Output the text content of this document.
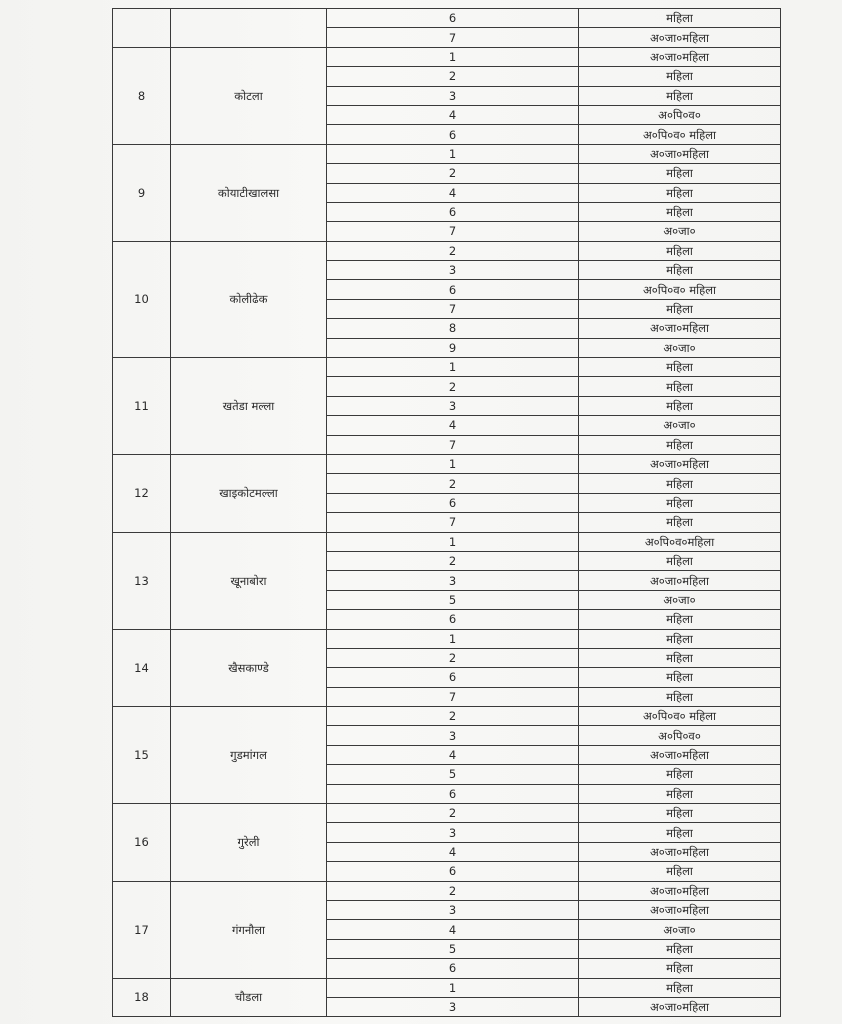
		6	महिला
		7	अ०जा०महिला
8	कोटला	1	अ०जा०महिला
		2	महिला
		3	महिला
		4	अ०पि०व०
		6	अ०पि०व० महिला
9	कोयाटीखालसा	1	अ०जा०महिला
		2	महिला
		4	महिला
		6	महिला
		7	अ०जा०
10	कोलीढेक	2	महिला
		3	महिला
		6	अ०पि०व० महिला
		7	महिला
		8	अ०जा०महिला
		9	अ०जा०
11	खतेडा मल्ला	1	महिला
		2	महिला
		3	महिला
		4	अ०जा०
		7	महिला
12	खाइकोटमल्ला	1	अ०जा०महिला
		2	महिला
		6	महिला
		7	महिला
13	खूनाबोरा	1	अ०पि०व०महिला
		2	महिला
		3	अ०जा०महिला
		5	अ०जा०
		6	महिला
14	खैसकाण्डे	1	महिला
		2	महिला
		6	महिला
		7	महिला
15	गुडमांगल	2	अ०पि०व० महिला
		3	अ०पि०व०
		4	अ०जा०महिला
		5	महिला
		6	महिला
16	गुरेली	2	महिला
		3	महिला
		4	अ०जा०महिला
		6	महिला
17	गंगनौला	2	अ०जा०महिला
		3	अ०जा०महिला
		4	अ०जा०
		5	महिला
		6	महिला
18	चौडला	1	महिला
		3	अ०जा०महिला
